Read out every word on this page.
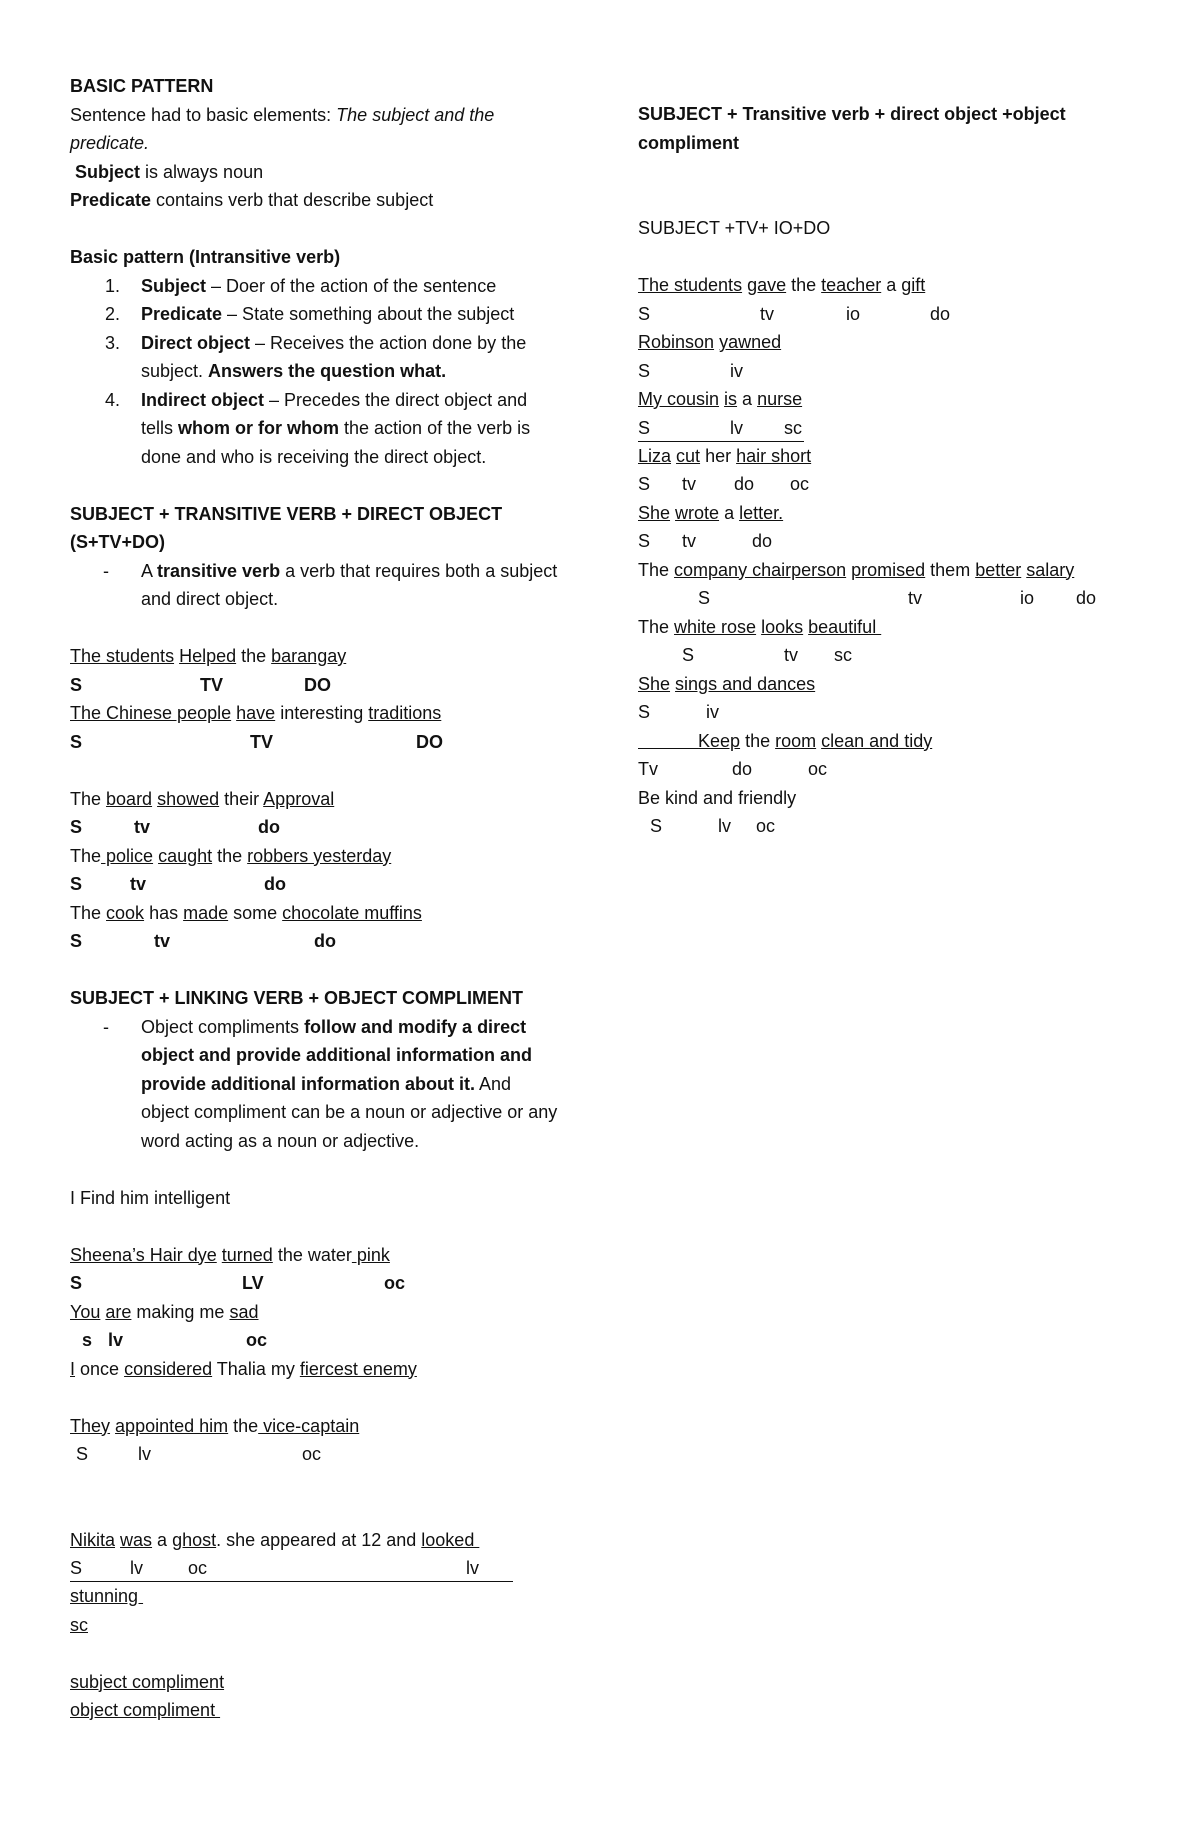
BASIC PATTERN
Sentence had to basic elements: The subject and the
predicate.
Subject is always noun
Predicate contains verb that describe subject
Basic pattern (Intransitive verb)
1. Subject – Doer of the action of the sentence
2. Predicate – State something about the subject
3. Direct object – Receives the action done by the subject. Answers the question what.
4. Indirect object – Precedes the direct object and tells whom or for whom the action of the verb is done and who is receiving the direct object.
SUBJECT + TRANSITIVE VERB + DIRECT OBJECT
(S+TV+DO)
- A transitive verb a verb that requires both a subject and direct object.
The students Helped the barangay
S	TV	DO
The Chinese people have interesting traditions
S	TV	DO
The board showed their Approval
S	tv	do
The police caught the robbers yesterday
S	tv	do
The cook has made some chocolate muffins
S	tv	do
SUBJECT + LINKING VERB + OBJECT COMPLIMENT
- Object compliments follow and modify a direct object and provide additional information and provide additional information about it. And object compliment can be a noun or adjective or any word acting as a noun or adjective.
I Find him intelligent
Sheena’s Hair dye turned the water pink
S	LV	oc
You are making me sad
s lv	oc
I once considered Thalia my fiercest enemy
They appointed him the vice-captain
S	lv	oc
Nikita was a ghost. she appeared at 12 and looked
S	lv	oc	lv
stunning
sc
subject compliment
object compliment
SUBJECT + Transitive verb + direct object +object
compliment
SUBJECT +TV+ IO+DO
The students gave the teacher a gift
S	tv	io	do
Robinson yawned
S	iv
My cousin is a nurse
S	lv sc
Liza cut her hair short
S tv do oc
She wrote a letter.
S tv	do
The company chairperson promised them better salary
S	tv	io do
The white rose looks beautiful
S	tv sc
She sings and dances
S	iv
Keep the room clean and tidy
Tv	do	oc
Be kind and friendly
S	lv oc
